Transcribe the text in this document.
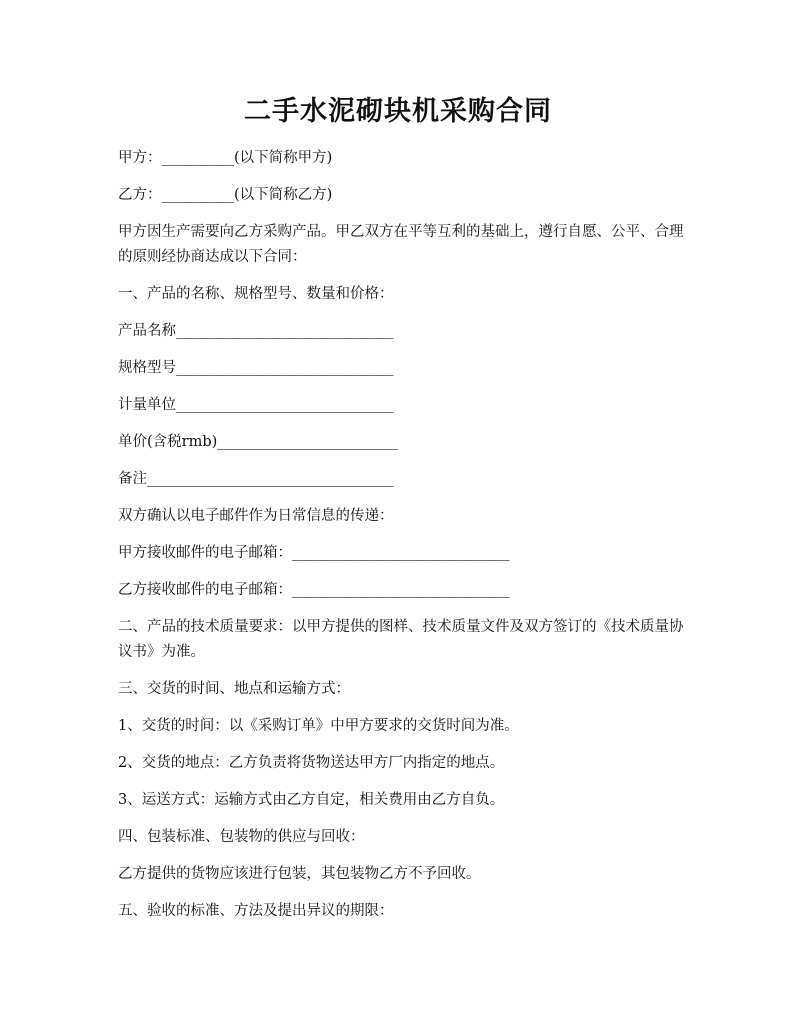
二手水泥砌块机采购合同
甲方：__________(以下简称甲方)
乙方：__________(以下简称乙方)
甲方因生产需要向乙方采购产品。甲乙双方在平等互利的基础上，遵行自愿、公平、合理的原则经协商达成以下合同：
一、产品的名称、规格型号、数量和价格：
产品名称______________________________
规格型号______________________________
计量单位______________________________
单价(含税rmb)_________________________
备注__________________________________
双方确认以电子邮件作为日常信息的传递：
甲方接收邮件的电子邮箱：______________________________
乙方接收邮件的电子邮箱：______________________________
二、产品的技术质量要求：以甲方提供的图样、技术质量文件及双方签订的《技术质量协议书》为准。
三、交货的时间、地点和运输方式：
1、交货的时间：以《采购订单》中甲方要求的交货时间为准。
2、交货的地点：乙方负责将货物送达甲方厂内指定的地点。
3、运送方式：运输方式由乙方自定，相关费用由乙方自负。
四、包装标准、包装物的供应与回收：
乙方提供的货物应该进行包装，其包装物乙方不予回收。
五、验收的标准、方法及提出异议的期限：
